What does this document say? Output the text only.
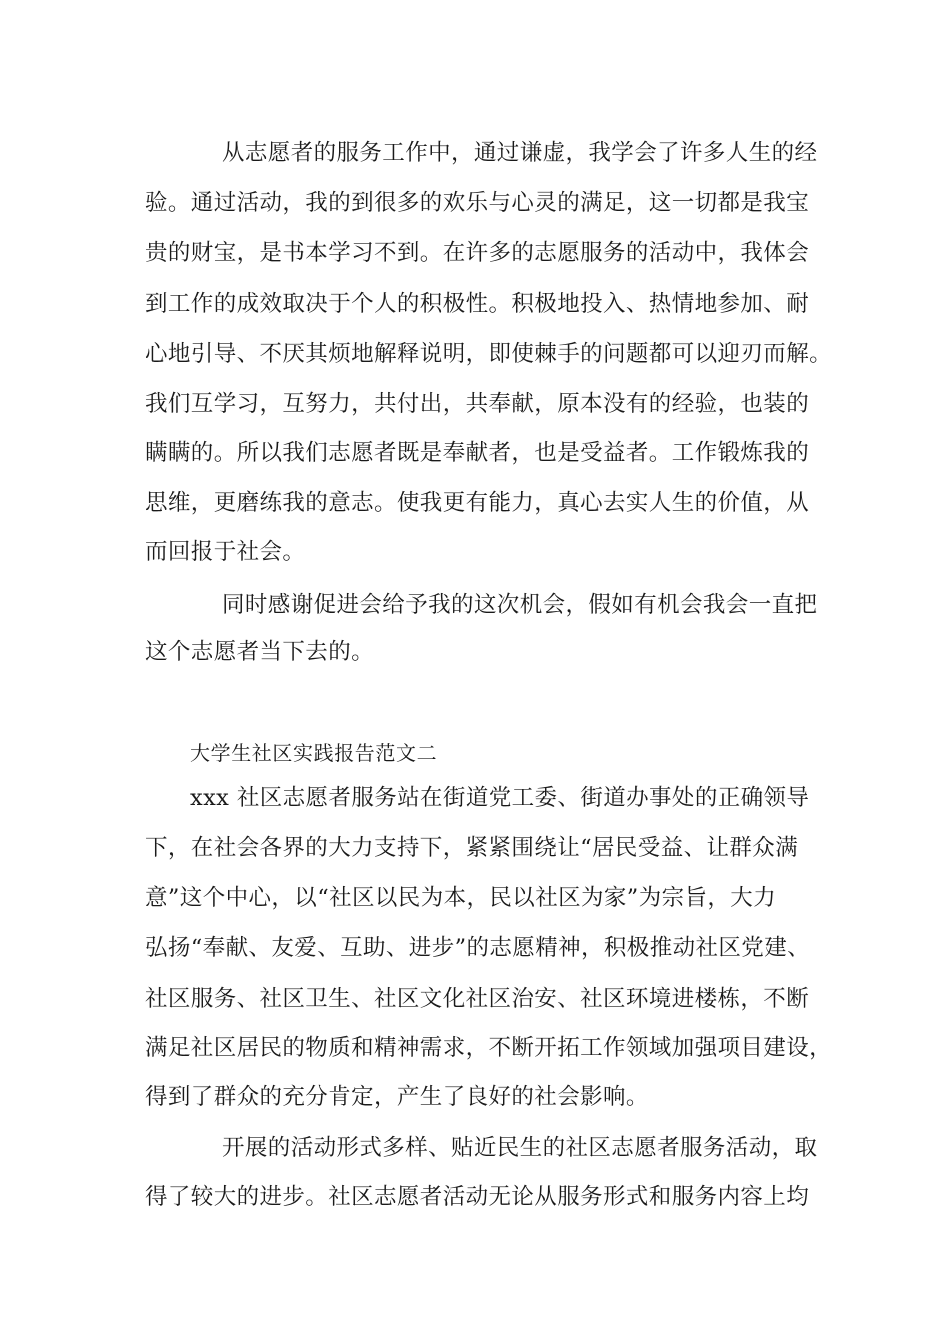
从志愿者的服务工作中，通过谦虚，我学会了许多人生的经
验。通过活动，我的到很多的欢乐与心灵的满足，这一切都是我宝
贵的财宝，是书本学习不到。在许多的志愿服务的活动中，我体会
到工作的成效取决于个人的积极性。积极地投入、热情地参加、耐
心地引导、不厌其烦地解释说明，即使棘手的问题都可以迎刃而解。
我们互学习，互努力，共付出，共奉献，原本没有的经验，也装的
瞒瞒的。所以我们志愿者既是奉献者，也是受益者。工作锻炼我的
思维，更磨练我的意志。使我更有能力，真心去实人生的价值，从
而回报于社会。
同时感谢促进会给予我的这次机会，假如有机会我会一直把
这个志愿者当下去的。
大学生社区实践报告范文二
xxx 社区志愿者服务站在街道党工委、街道办事处的正确领导
下，在社会各界的大力支持下，紧紧围绕让“居民受益、让群众满
意”这个中心，以“社区以民为本，民以社区为家”为宗旨，大力
弘扬“奉献、友爱、互助、进步”的志愿精神，积极推动社区党建、
社区服务、社区卫生、社区文化社区治安、社区环境进楼栋，不断
满足社区居民的物质和精神需求，不断开拓工作领域加强项目建设，
得到了群众的充分肯定，产生了良好的社会影响。
开展的活动形式多样、贴近民生的社区志愿者服务活动，取
得了较大的进步。社区志愿者活动无论从服务形式和服务内容上均
